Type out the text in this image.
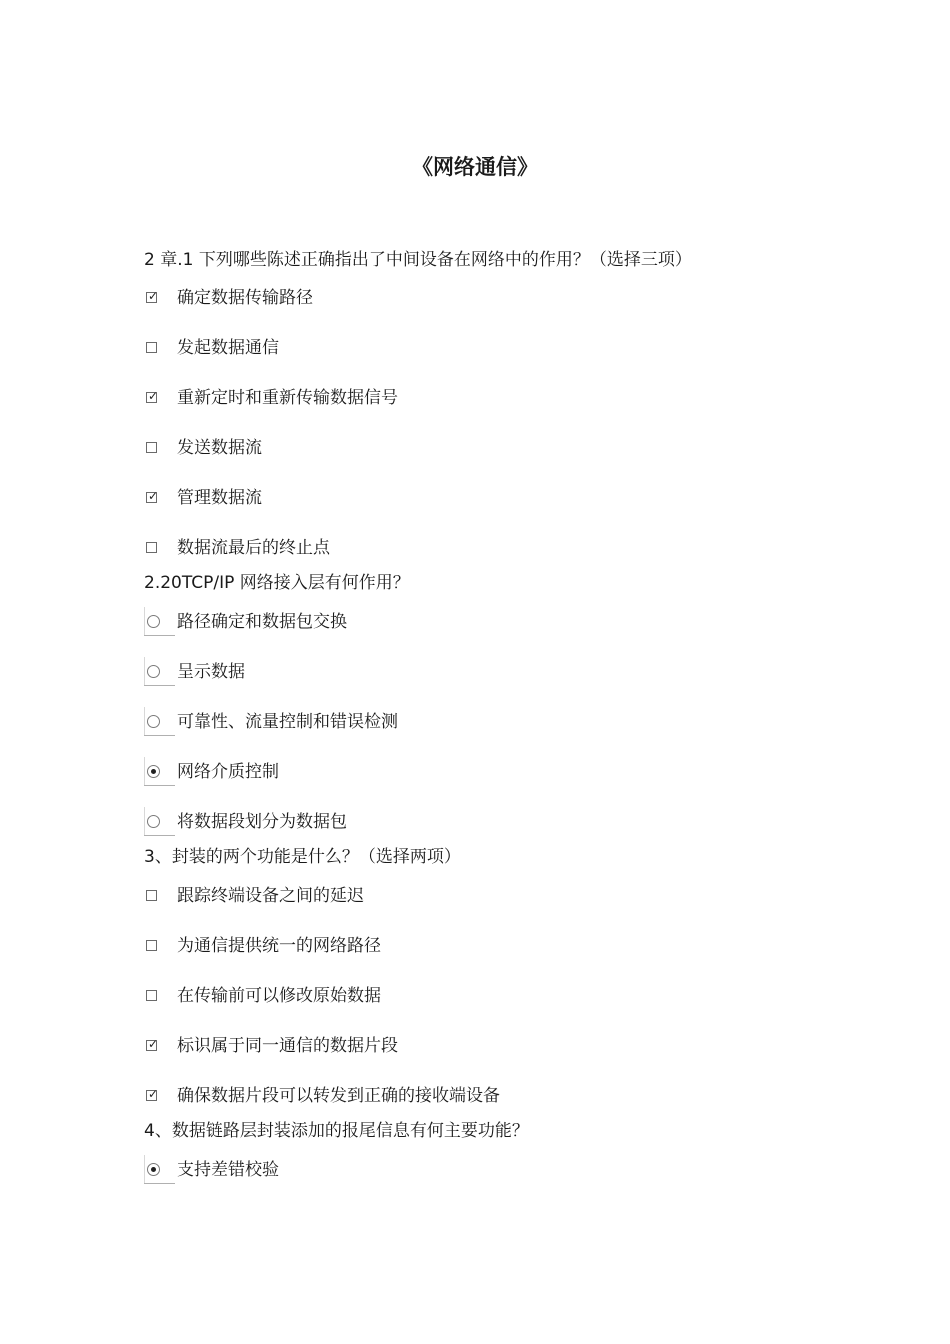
《网络通信》
2 章.1 下列哪些陈述正确指出了中间设备在网络中的作用？（选择三项）
✓ 确定数据传输路径
发起数据通信
✓ 重新定时和重新传输数据信号
发送数据流
✓ 管理数据流
数据流最后的终止点
2.20TCP/IP 网络接入层有何作用？
路径确定和数据包交换
呈示数据
可靠性、流量控制和错误检测
网络介质控制
将数据段划分为数据包
3、封装的两个功能是什么？（选择两项）
跟踪终端设备之间的延迟
为通信提供统一的网络路径
在传输前可以修改原始数据
✓ 标识属于同一通信的数据片段
✓ 确保数据片段可以转发到正确的接收端设备
4、数据链路层封装添加的报尾信息有何主要功能？
支持差错校验
